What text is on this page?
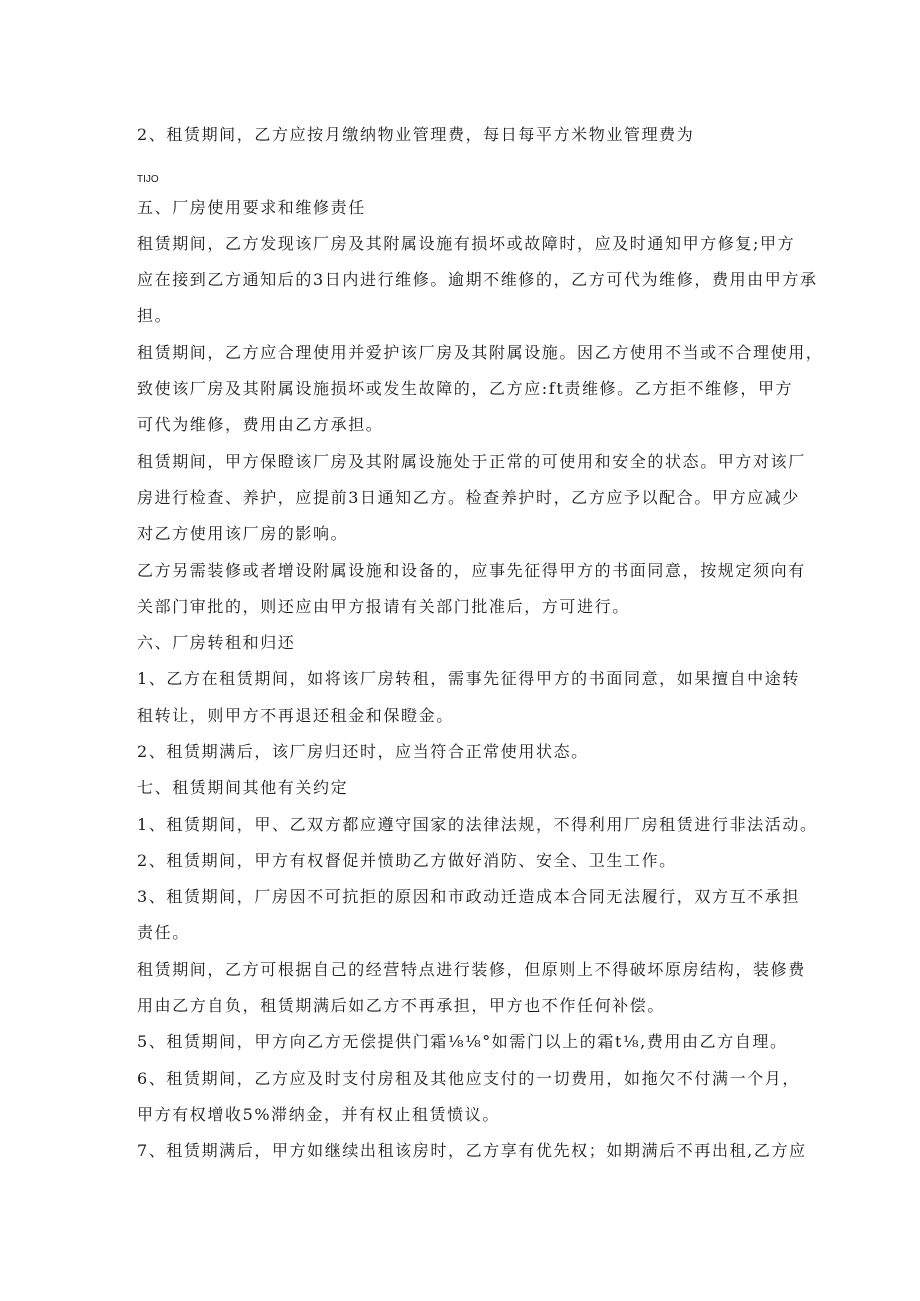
2、租赁期间，乙方应按月缴纳物业管理费，每日每平方米物业管理费为
TIJO
五、厂房使用要求和维修责任
租赁期间，乙方发现该厂房及其附属设施有损坏或故障时，应及时通知甲方修复;甲方
应在接到乙方通知后的3日内进行维修。逾期不维修的，乙方可代为维修，费用由甲方承
担。
租赁期间，乙方应合理使用并爱护该厂房及其附属设施。因乙方使用不当或不合理使用，
致使该厂房及其附属设施损坏或发生故障的，乙方应:ft责维修。乙方拒不维修，甲方
可代为维修，费用由乙方承担。
租赁期间，甲方保瞪该厂房及其附属设施处于正常的可使用和安全的状态。甲方对该厂
房进行检查、养护，应提前3日通知乙方。检查养护时，乙方应予以配合。甲方应减少
对乙方使用该厂房的影响。
乙方另需装修或者增设附属设施和设备的，应事先征得甲方的书面同意，按规定须向有
关部门审批的，则还应由甲方报请有关部门批准后，方可进行。
六、厂房转租和归还
1、乙方在租赁期间，如将该厂房转租，需事先征得甲方的书面同意，如果擅自中途转
租转让，则甲方不再退还租金和保瞪金。
2、租赁期满后，该厂房归还时，应当符合正常使用状态。
七、租赁期间其他有关约定
1、租赁期间，甲、乙双方都应遵守国家的法律法规，不得利用厂房租赁进行非法活动。
2、租赁期间，甲方有权督促并愤助乙方做好消防、安全、卫生工作。
3、租赁期间，厂房因不可抗拒的原因和市政动迁造成本合同无法履行，双方互不承担
责任。
租赁期间，乙方可根据自己的经营特点进行装修，但原则上不得破坏原房结构，装修费
用由乙方自负，租赁期满后如乙方不再承担，甲方也不作任何补偿。
5、租赁期间，甲方向乙方无偿提供门霜⅛⅛°如需门以上的霜t⅛,费用由乙方自理。
6、租赁期间，乙方应及时支付房租及其他应支付的一切费用，如拖欠不付满一个月，
甲方有权增收5%滞纳金，并有权止租赁愤议。
7、租赁期满后，甲方如继续出租该房时，乙方享有优先权；如期满后不再出租,乙方应
